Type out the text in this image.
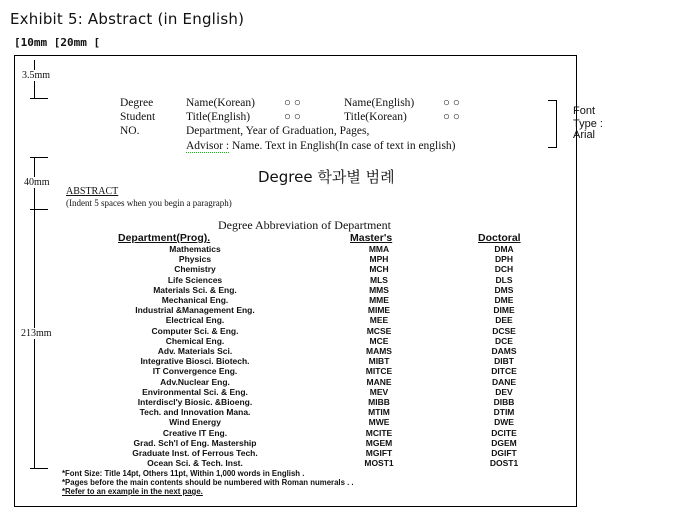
Exhibit 5: Abstract (in English)
[10mm [20mm [
3.5mm
40mm
213mm
Degree	Name(Korean)	○ ○	Name(English) ○ ○
Student	Title(English)	○ ○	Title(Korean)	○ ○
NO.	Department, Year of Graduation, Pages,
Advisor : Name. Text in English(In case of text in english)
Font
Type :
Arial
Degree 학과별 범례
ABSTRACT
(Indent 5 spaces when you begin a paragraph)
Degree Abbreviation of Department
Department(Prog).	Master's	Doctoral
Mathematics	MMA	DMA
Physics	MPH	DPH
Chemistry	MCH	DCH
Life Sciences	MLS	DLS
Materials Sci. & Eng.	MMS	DMS
Mechanical Eng.	MME	DME
Industrial &Management Eng.	MIME	DIME
Electrical Eng.	MEE	DEE
Computer Sci. & Eng.	MCSE	DCSE
Chemical Eng.	MCE	DCE
Adv. Materials Sci.	MAMS	DAMS
Integrative Biosci. Biotech.	MIBT	DIBT
IT Convergence Eng.	MITCE	DITCE
Adv.Nuclear Eng.	MANE	DANE
Environmental Sci. & Eng.	MEV	DEV
Interdiscl'y Biosic. &Bioeng.	MIBB	DIBB
Tech. and Innovation Mana.	MTIM	DTIM
Wind Energy	MWE	DWE
Creative IT Eng.	MCITE	DCITE
Grad. Sch'l of Eng. Mastership	MGEM	DGEM
Graduate Inst. of Ferrous Tech.	MGIFT	DGIFT
Ocean Sci. & Tech. Inst.	MOST1	DOST1
*Font Size: Title 14pt, Others 11pt, Within 1,000 words in English .
*Pages before the main contents should be numbered with Roman numerals . .
*Refer to an example in the next page.
